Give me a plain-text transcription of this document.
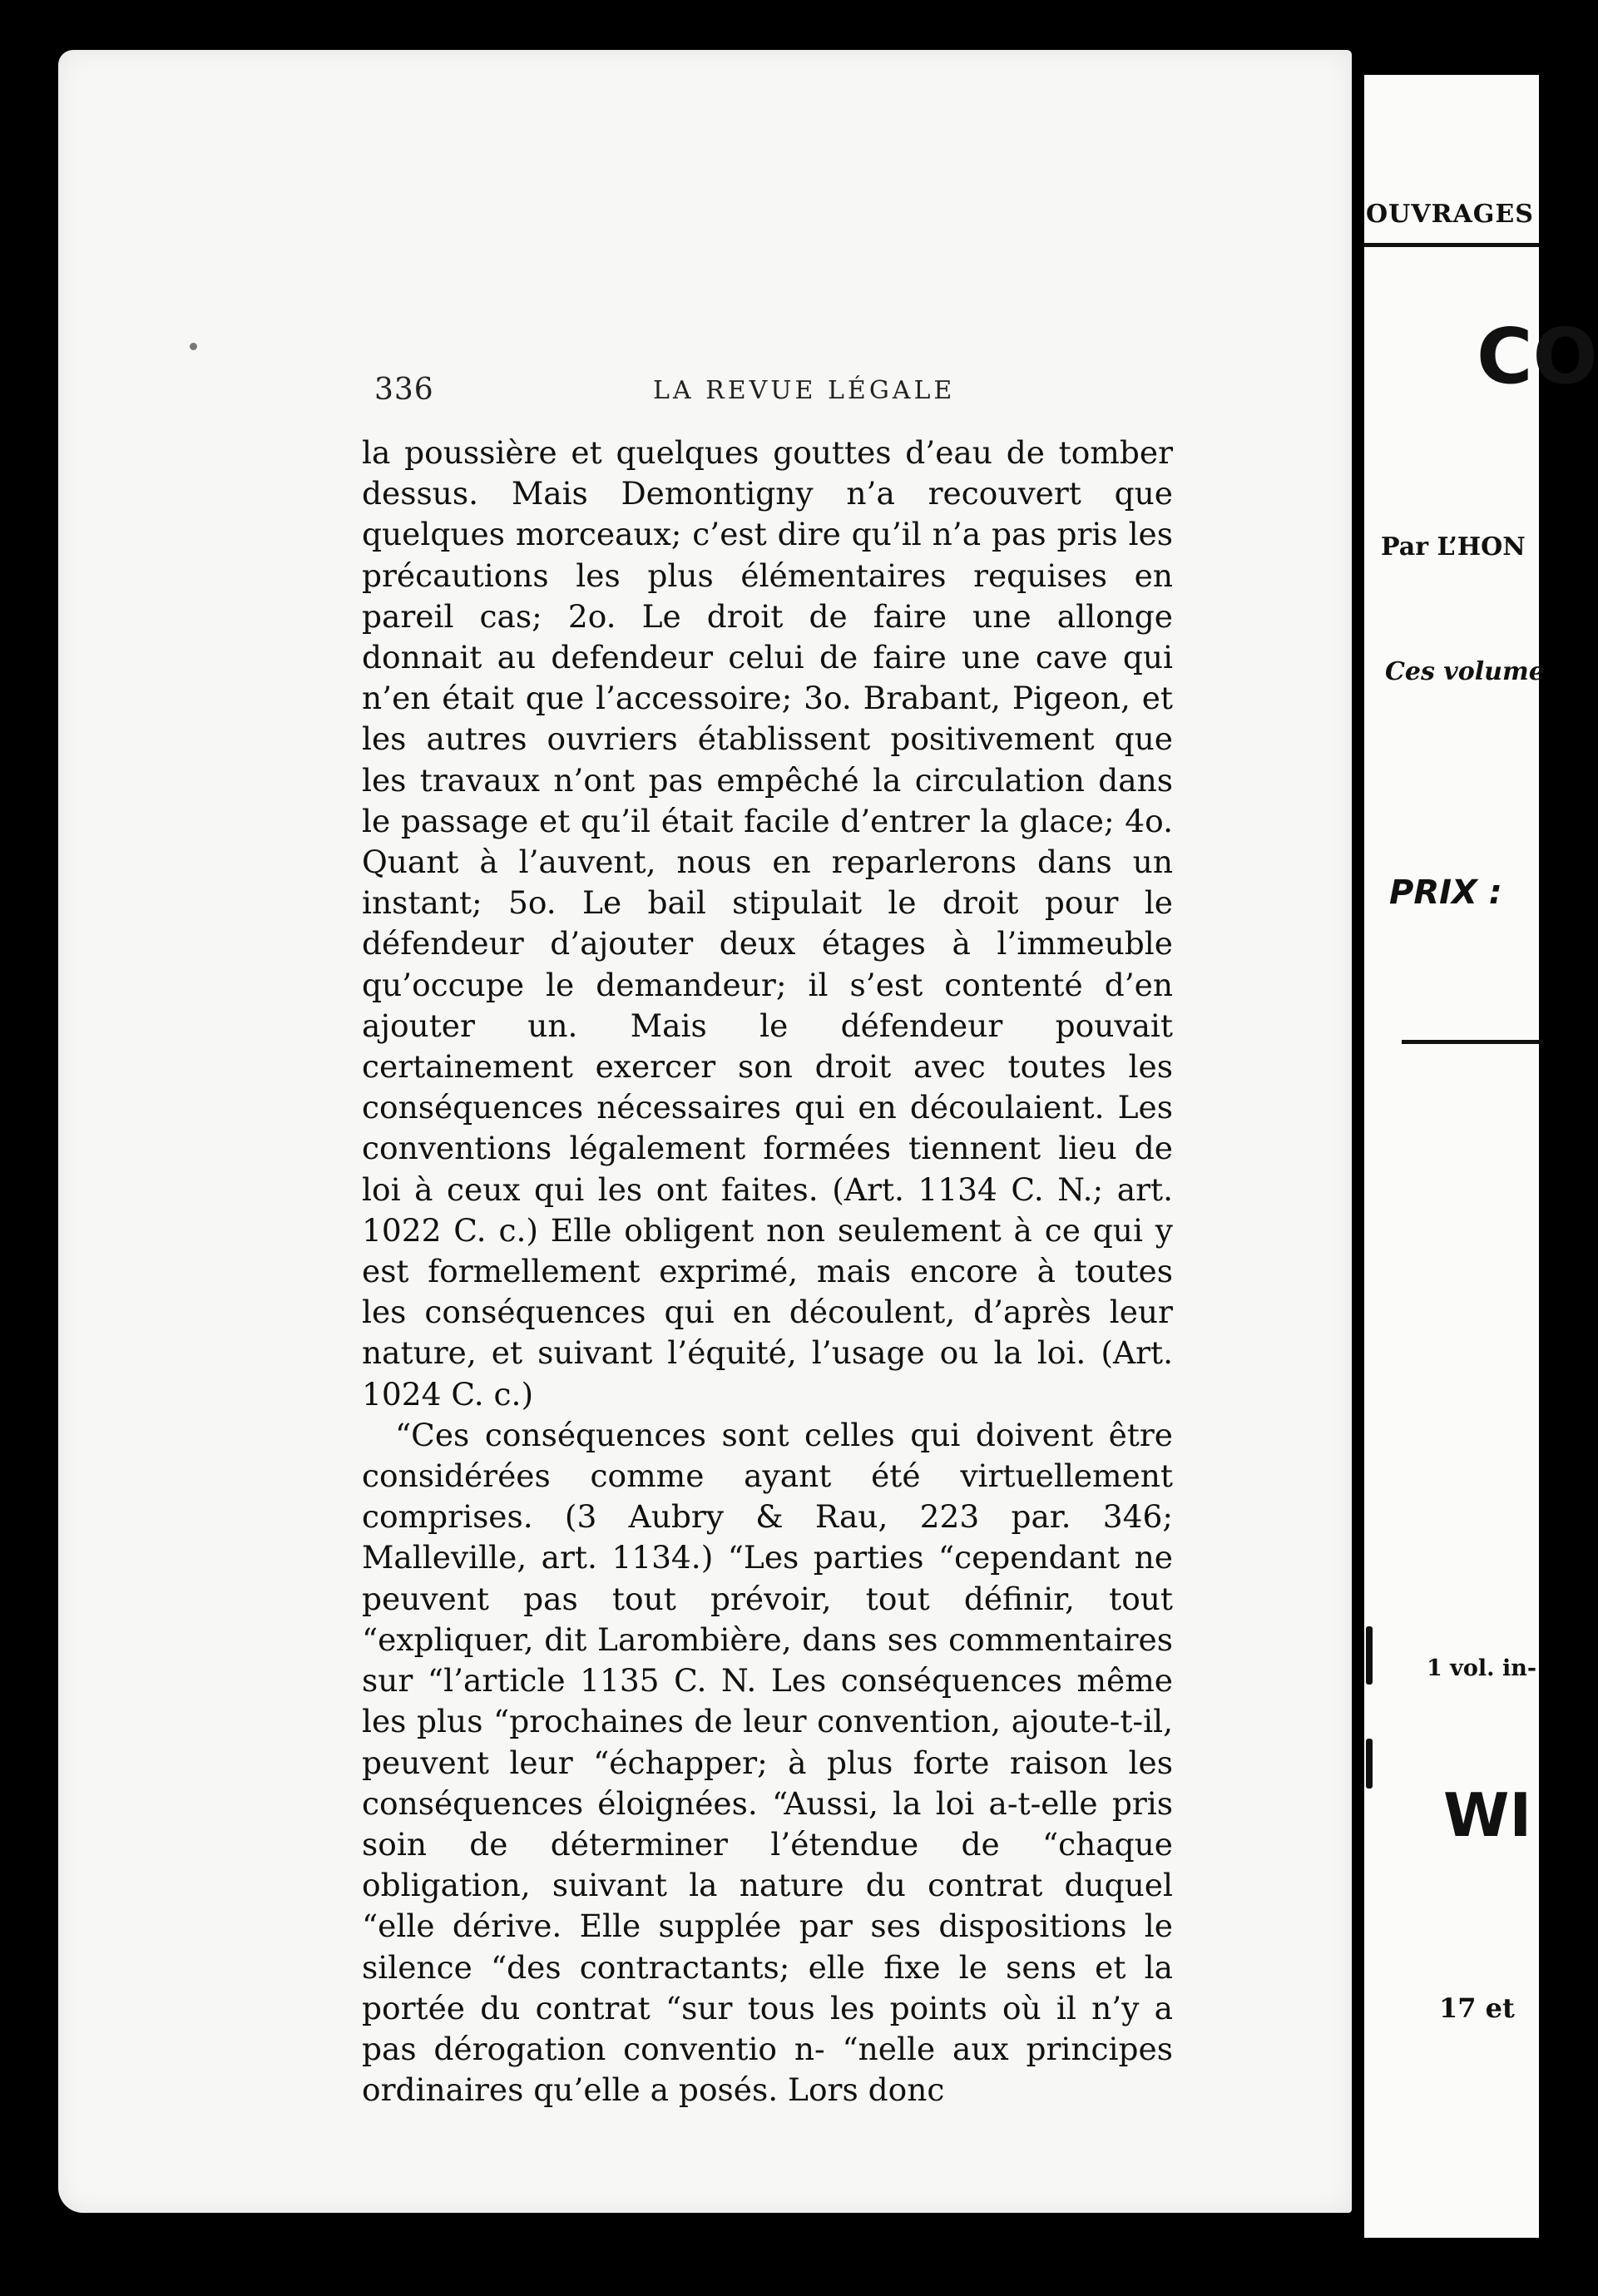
336	LA REVUE LÉGALE

la poussière et quelques gouttes d’eau de tomber dessus. Mais Demontigny n’a recouvert que quelques morceaux; c’est dire qu’il n’a pas pris les précautions les plus élémentaires requises en pareil cas; 2o. Le droit de faire une allonge donnait au defendeur celui de faire une cave qui n’en était que l’accessoire; 3o. Brabant, Pigeon, et les autres ouvriers établissent positivement que les travaux n’ont pas empêché la circulation dans le passage et qu’il était facile d’entrer la glace; 4o. Quant à l’auvent, nous en reparlerons dans un instant; 5o. Le bail stipulait le droit pour le défendeur d’ajouter deux étages à l’immeuble qu’occupe le demandeur; il s’est contenté d’en ajouter un. Mais le défendeur pouvait certainement exercer son droit avec toutes les conséquences nécessaires qui en découlaient. Les conventions légalement formées tiennent lieu de loi à ceux qui les ont faites. (Art. 1134 C. N.; art. 1022 C. c.) Elle obligent non seulement à ce qui y est formellement exprimé, mais encore à toutes les conséquences qui en découlent, d’après leur nature, et suivant l’équité, l’usage ou la loi. (Art. 1024 C. c.)

“Ces conséquences sont celles qui doivent être considérées comme ayant été virtuellement comprises. (3 Aubry & Rau, 223 par. 346; Malleville, art. 1134.) “Les parties “cependant ne peuvent pas tout prévoir, tout définir, tout “expliquer, dit Larombière, dans ses commentaires sur “l’article 1135 C. N. Les conséquences même les plus “prochaines de leur convention, ajoute-t-il, peuvent leur “échapper; à plus forte raison les conséquences éloignées. “Aussi, la loi a-t-elle pris soin de déterminer l’étendue de “chaque obligation, suivant la nature du contrat duquel “elle dérive. Elle supplée par ses dispositions le silence “des contractants; elle fixe le sens et la portée du contrat “sur tous les points où il n’y a pas dérogation conventio n- “nelle aux principes ordinaires qu’elle a posés. Lors donc

OUVRAGES
CO
Par L’HON
Ces volume
PRIX :
1 vol. in-
WI
17 et
